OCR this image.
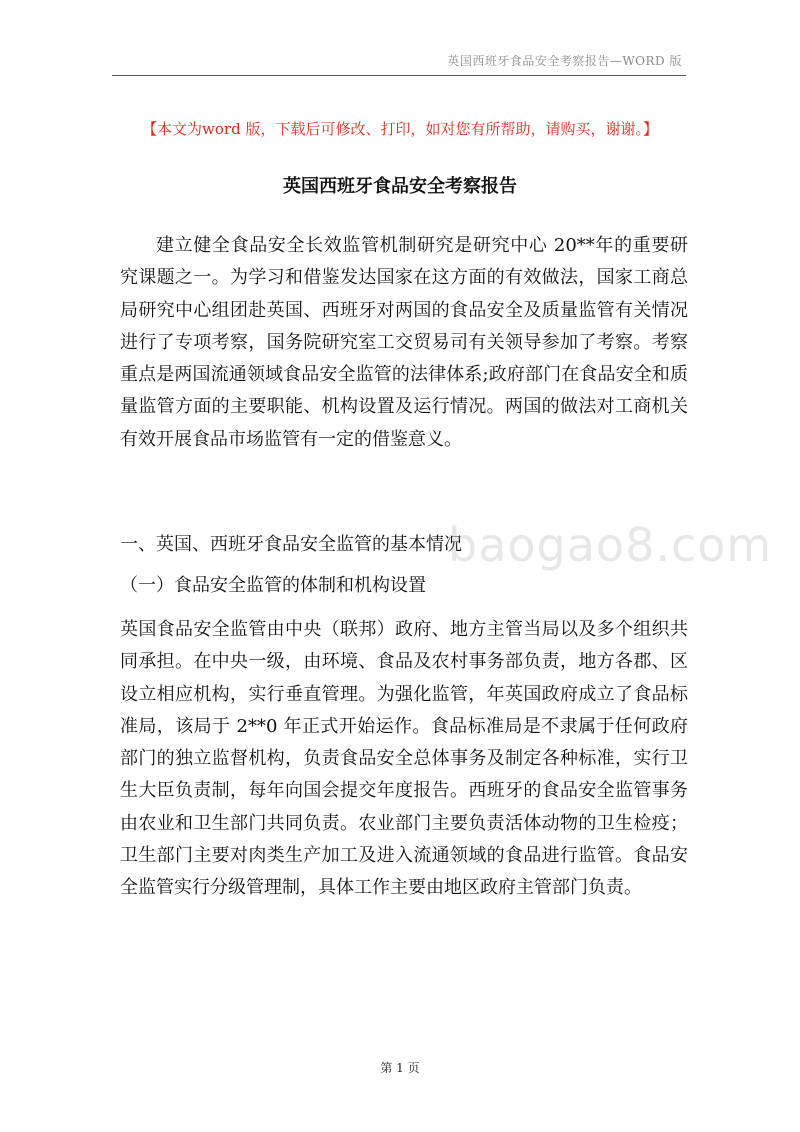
英国西班牙食品安全考察报告—WORD 版
【本文为word 版，下载后可修改、打印，如对您有所帮助，请购买，谢谢。】
英国西班牙食品安全考察报告
建立健全食品安全长效监管机制研究是研究中心 20**年的重要研究课题之一。为学习和借鉴发达国家在这方面的有效做法，国家工商总局研究中心组团赴英国、西班牙对两国的食品安全及质量监管有关情况进行了专项考察，国务院研究室工交贸易司有关领导参加了考察。考察重点是两国流通领域食品安全监管的法律体系;政府部门在食品安全和质量监管方面的主要职能、机构设置及运行情况。两国的做法对工商机关有效开展食品市场监管有一定的借鉴意义。
一、英国、西班牙食品安全监管的基本情况
（一）食品安全监管的体制和机构设置
英国食品安全监管由中央（联邦）政府、地方主管当局以及多个组织共同承担。在中央一级，由环境、食品及农村事务部负责，地方各郡、区设立相应机构，实行垂直管理。为强化监管，年英国政府成立了食品标准局，该局于 2**0 年正式开始运作。食品标准局是不隶属于任何政府部门的独立监督机构，负责食品安全总体事务及制定各种标准，实行卫生大臣负责制，每年向国会提交年度报告。西班牙的食品安全监管事务由农业和卫生部门共同负责。农业部门主要负责活体动物的卫生检疫；卫生部门主要对肉类生产加工及进入流通领域的食品进行监管。食品安全监管实行分级管理制，具体工作主要由地区政府主管部门负责。
baogao8.com
第 1 页
